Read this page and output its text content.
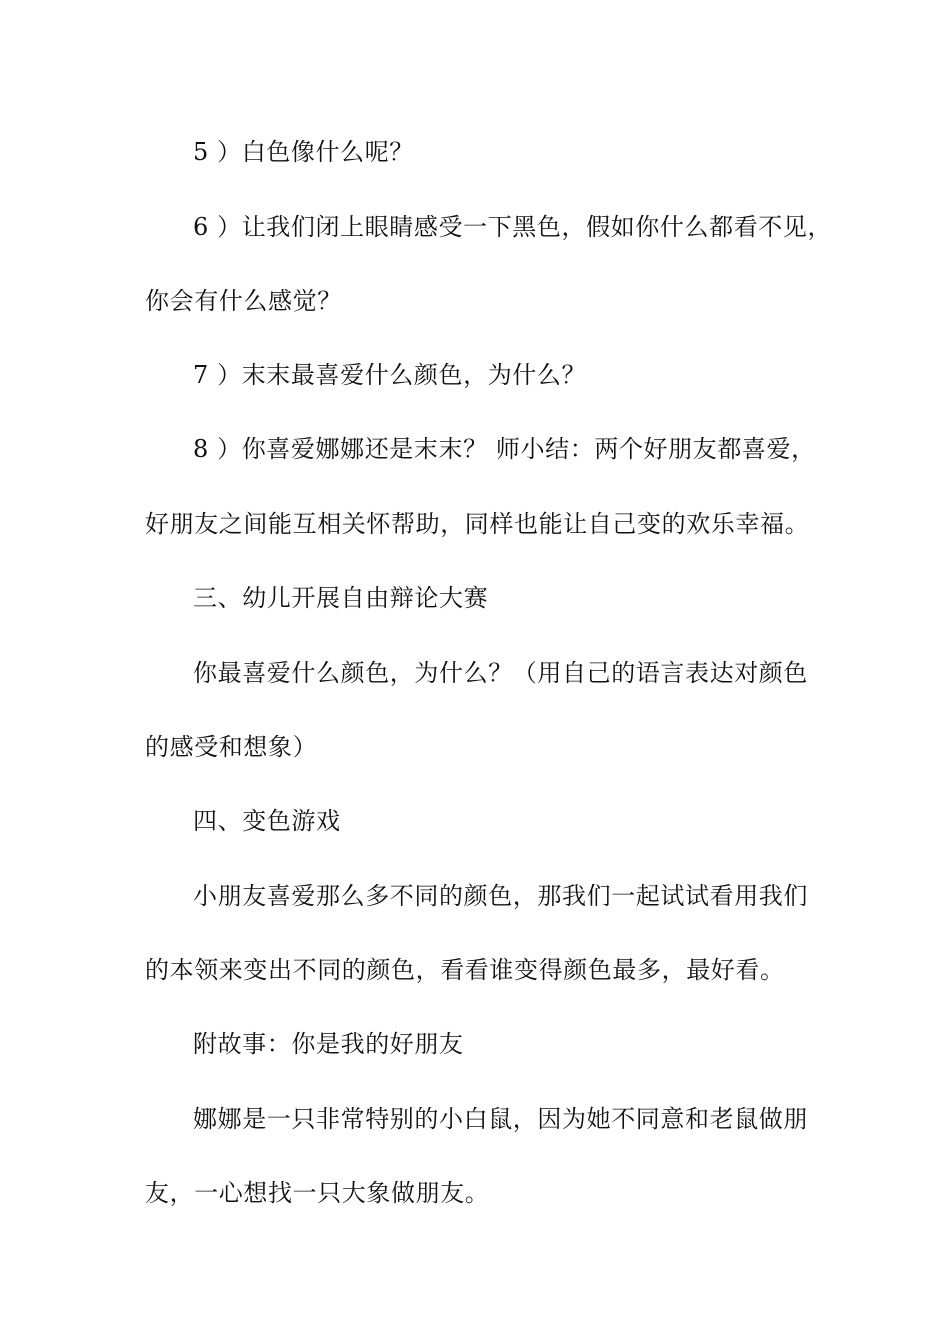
5 ）白色像什么呢？
6 ）让我们闭上眼睛感受一下黑色，假如你什么都看不见，
你会有什么感觉？
7 ）末末最喜爱什么颜色，为什么？
8 ）你喜爱娜娜还是末末？ 师小结：两个好朋友都喜爱，
好朋友之间能互相关怀帮助，同样也能让自己变的欢乐幸福。
三、幼儿开展自由辩论大赛
你最喜爱什么颜色，为什么？（用自己的语言表达对颜色
的感受和想象）
四、变色游戏
小朋友喜爱那么多不同的颜色，那我们一起试试看用我们
的本领来变出不同的颜色，看看谁变得颜色最多，最好看。
附故事：你是我的好朋友
娜娜是一只非常特别的小白鼠，因为她不同意和老鼠做朋
友，一心想找一只大象做朋友。
